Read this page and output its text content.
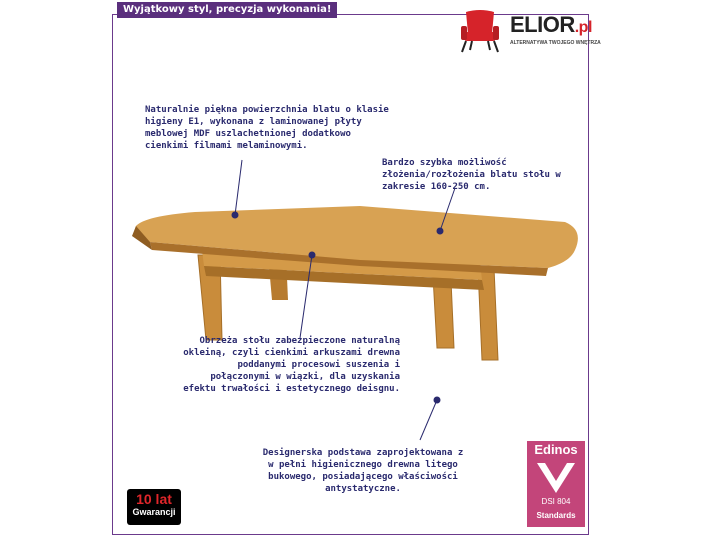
Wyjątkowy styl, precyzja wykonania!
ELIOR.pl
ALTERNATYWA TWOJEGO WNĘTRZA
Naturalnie piękna powierzchnia blatu o klasie
higieny E1, wykonana z laminowanej płyty
meblowej MDF uszlachetnionej dodatkowo
cienkimi filmami melaminowymi.
Bardzo szybka możliwość
złożenia/rozłożenia blatu stołu w
zakresie 160-250 cm.
Obrzeża stołu zabezpieczone naturalną
okleiną, czyli cienkimi arkuszami drewna
poddanymi procesowi suszenia i
połączonymi w wiązki, dla uzyskania
efektu trwałości i estetycznego deisgnu.
Designerska podstawa zaprojektowana z
w pełni higienicznego drewna litego
bukowego, posiadającego właściwości
antystatyczne.
10 lat
Gwarancji
Edinos
DSI 804
Standards
